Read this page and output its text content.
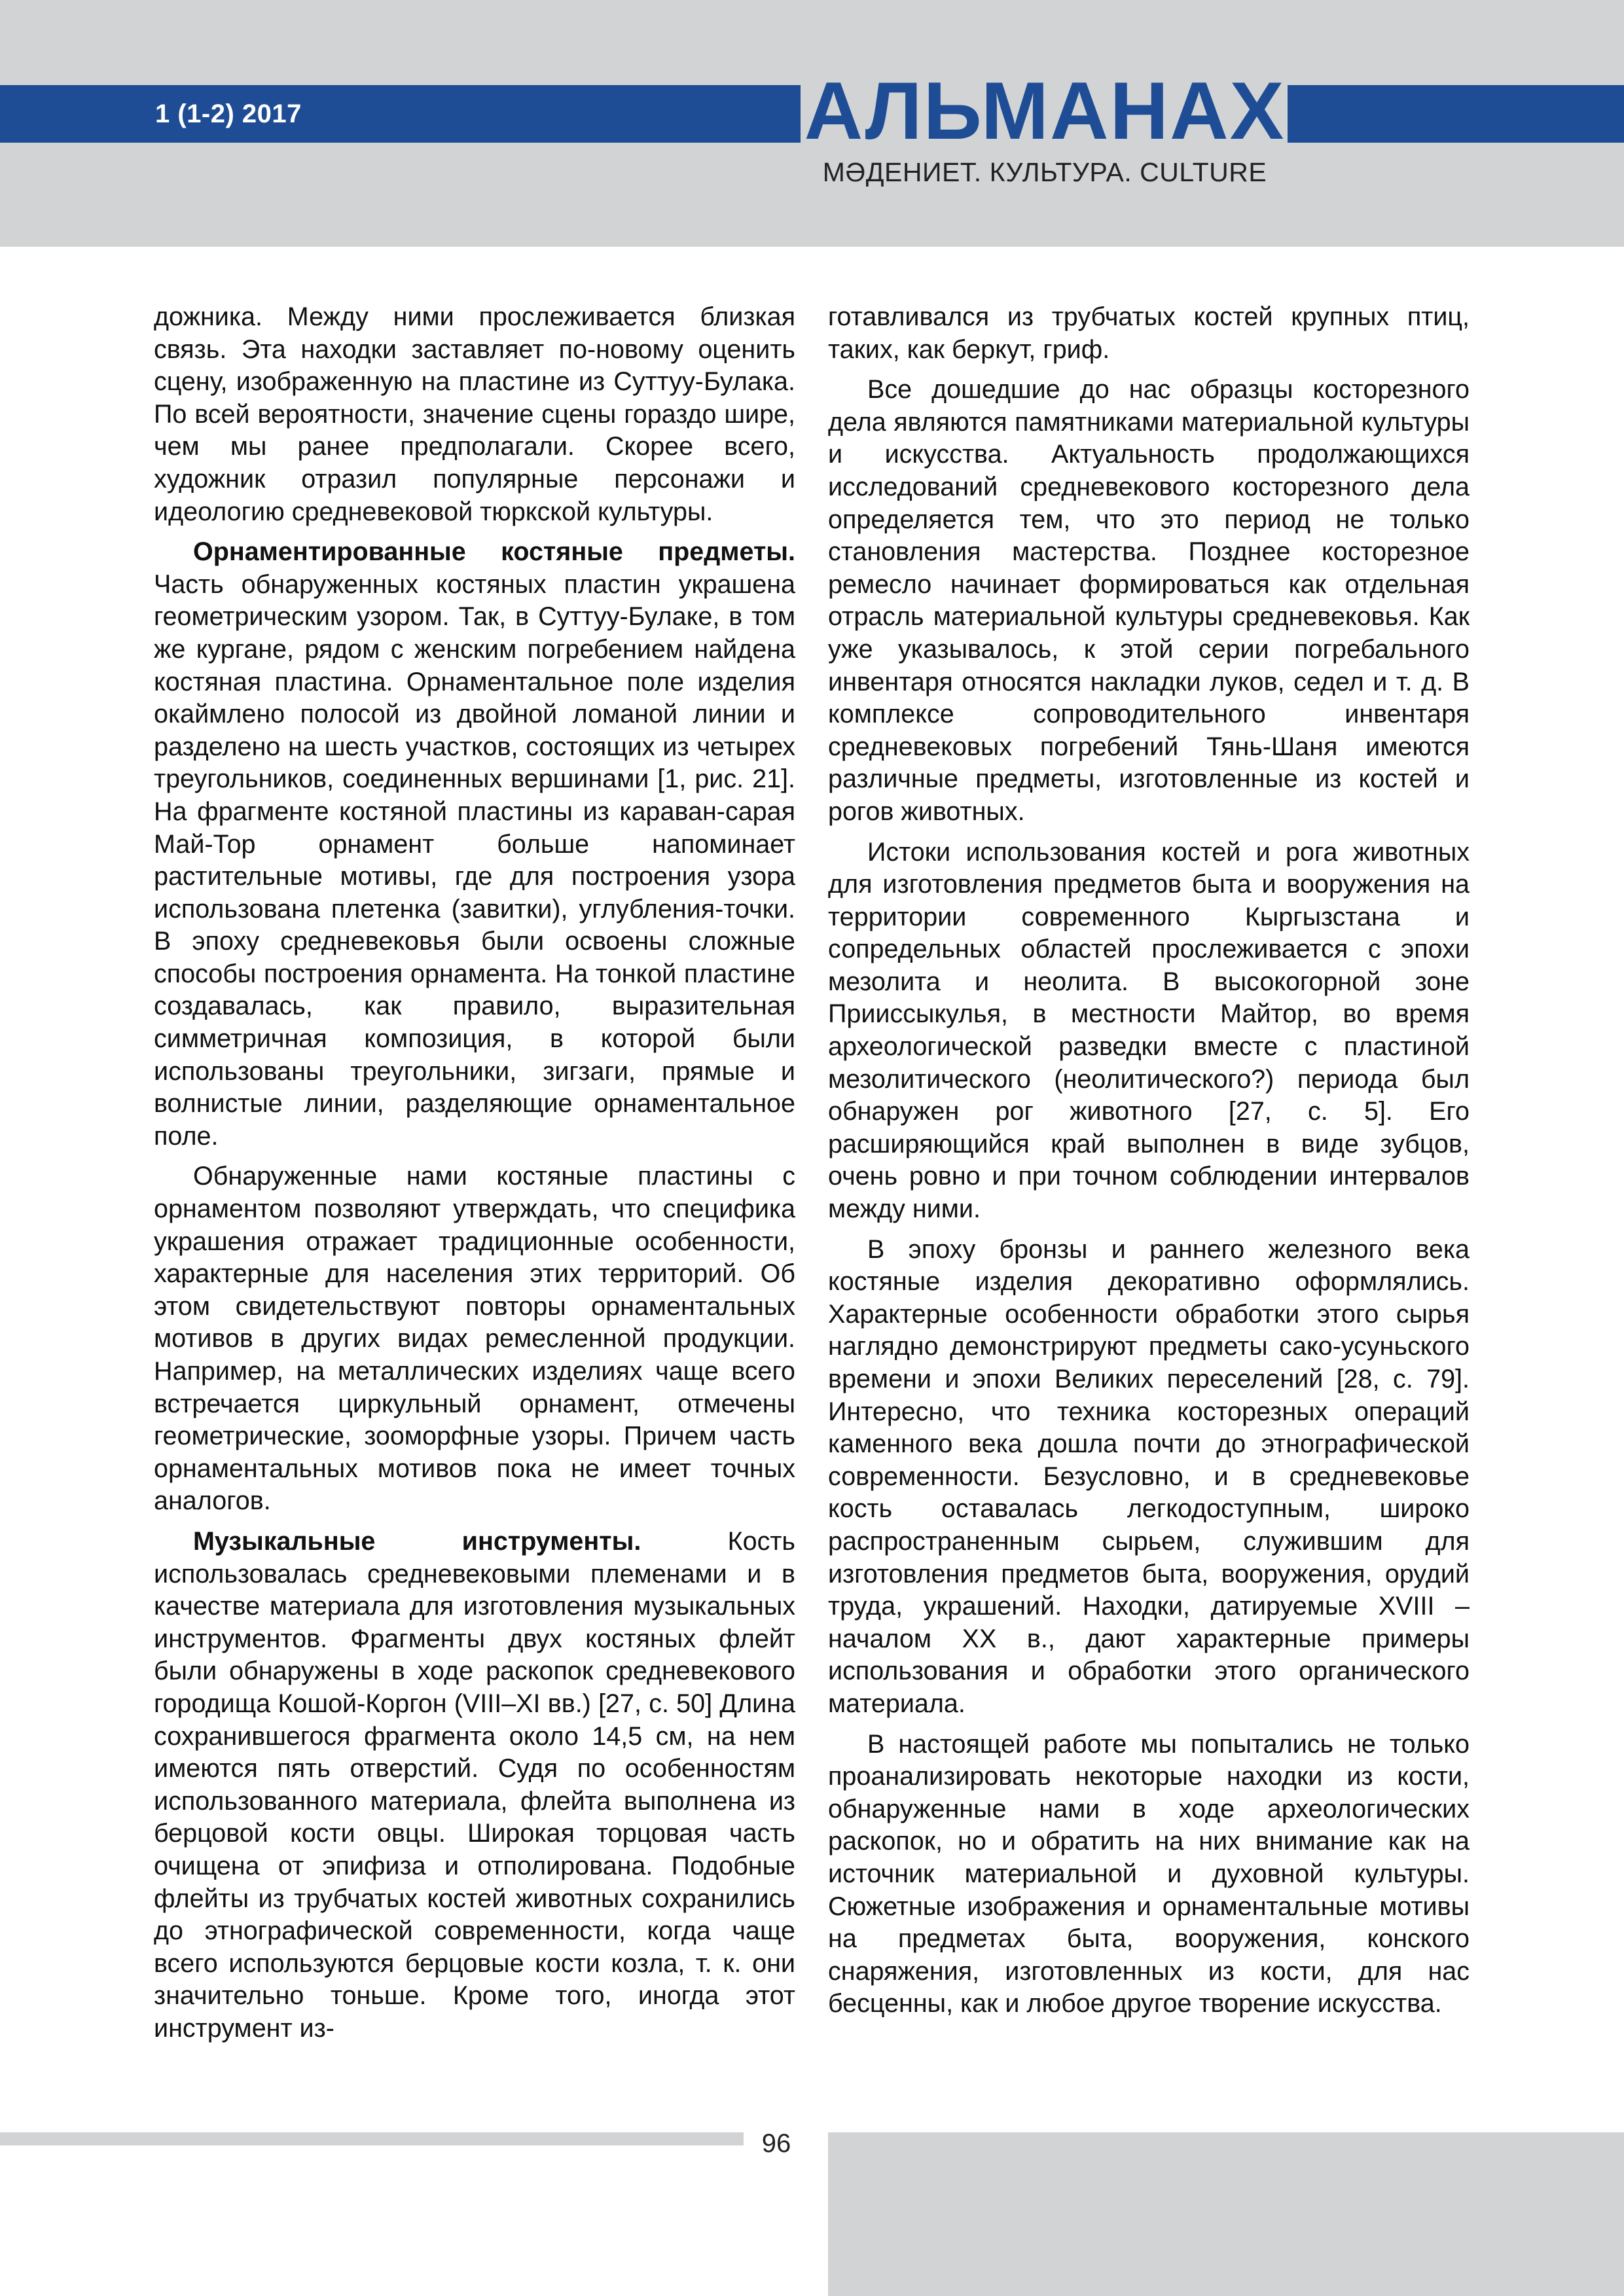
1 (1-2) 2017	АЛЬМАНАХ
МӘДЕНИЕТ. КУЛЬТУРА. CULTURE

дожника. Между ними прослеживается близкая связь. Эта находки заставляет по-новому оценить сцену, изображенную на пластине из Суттуу-Булака. По всей вероятности, значение сцены гораздо шире, чем мы ранее предполагали. Скорее всего, художник отразил популярные персонажи и идеологию средневековой тюркской культуры.

Орнаментированные костяные предметы. Часть обнаруженных костяных пластин украшена геометрическим узором. Так, в Суттуу-Булаке, в том же кургане, рядом с женским погребением найдена костяная пластина. Орнаментальное поле изделия окаймлено полосой из двойной ломаной линии и разделено на шесть участков, состоящих из четырех треугольников, соединенных вершинами [1, рис. 21]. На фрагменте костяной пластины из караван-сарая Май-Тор орнамент больше напоминает растительные мотивы, где для построения узора использована плетенка (завитки), углубления-точки. В эпоху средневековья были освоены сложные способы построения орнамента. На тонкой пластине создавалась, как правило, выразительная симметричная композиция, в которой были использованы треугольники, зигзаги, прямые и волнистые линии, разделяющие орнаментальное поле.

Обнаруженные нами костяные пластины с орнаментом позволяют утверждать, что специфика украшения отражает традиционные особенности, характерные для населения этих территорий. Об этом свидетельствуют повторы орнаментальных мотивов в других видах ремесленной продукции. Например, на металлических изделиях чаще всего встречается циркульный орнамент, отмечены геометрические, зооморфные узоры. Причем часть орнаментальных мотивов пока не имеет точных аналогов.

Музыкальные инструменты. Кость использовалась средневековыми племенами и в качестве материала для изготовления музыкальных инструментов. Фрагменты двух костяных флейт были обнаружены в ходе раскопок средневекового городища Кошой-Коргон (VIII–XI вв.) [27, с. 50] Длина сохранившегося фрагмента около 14,5 см, на нем имеются пять отверстий. Судя по особенностям использованного материала, флейта выполнена из берцовой кости овцы. Широкая торцовая часть очищена от эпифиза и отполирована. Подобные флейты из трубчатых костей животных сохранились до этнографической современности, когда чаще всего используются берцовые кости козла, т. к. они значительно тоньше. Кроме того, иногда этот инструмент из-

готавливался из трубчатых костей крупных птиц, таких, как беркут, гриф.

Все дошедшие до нас образцы косторезного дела являются памятниками материальной культуры и искусства. Актуальность продолжающихся исследований средневекового косторезного дела определяется тем, что это период не только становления мастерства. Позднее косторезное ремесло начинает формироваться как отдельная отрасль материальной культуры средневековья. Как уже указывалось, к этой серии погребального инвентаря относятся накладки луков, седел и т. д. В комплексе сопроводительного инвентаря средневековых погребений Тянь-Шаня имеются различные предметы, изготовленные из костей и рогов животных.

Истоки использования костей и рога животных для изготовления предметов быта и вооружения на территории современного Кыргызстана и сопредельных областей прослеживается с эпохи мезолита и неолита. В высокогорной зоне Прииссыкулья, в местности Майтор, во время археологической разведки вместе с пластиной мезолитического (неолитического?) периода был обнаружен рог животного [27, с. 5]. Его расширяющийся край выполнен в виде зубцов, очень ровно и при точном соблюдении интервалов между ними.

В эпоху бронзы и раннего железного века костяные изделия декоративно оформлялись. Характерные особенности обработки этого сырья наглядно демонстрируют предметы сако-усуньского времени и эпохи Великих переселений [28, с. 79]. Интересно, что техника косторезных операций каменного века дошла почти до этнографической современности. Безусловно, и в средневековье кость оставалась легкодоступным, широко распространенным сырьем, служившим для изготовления предметов быта, вооружения, орудий труда, украшений. Находки, датируемые XVIII – началом XX в., дают характерные примеры использования и обработки этого органического материала.

В настоящей работе мы попытались не только проанализировать некоторые находки из кости, обнаруженные нами в ходе археологических раскопок, но и обратить на них внимание как на источник материальной и духовной культуры. Сюжетные изображения и орнаментальные мотивы на предметах быта, вооружения, конского снаряжения, изготовленных из кости, для нас бесценны, как и любое другое творение искусства.

96
